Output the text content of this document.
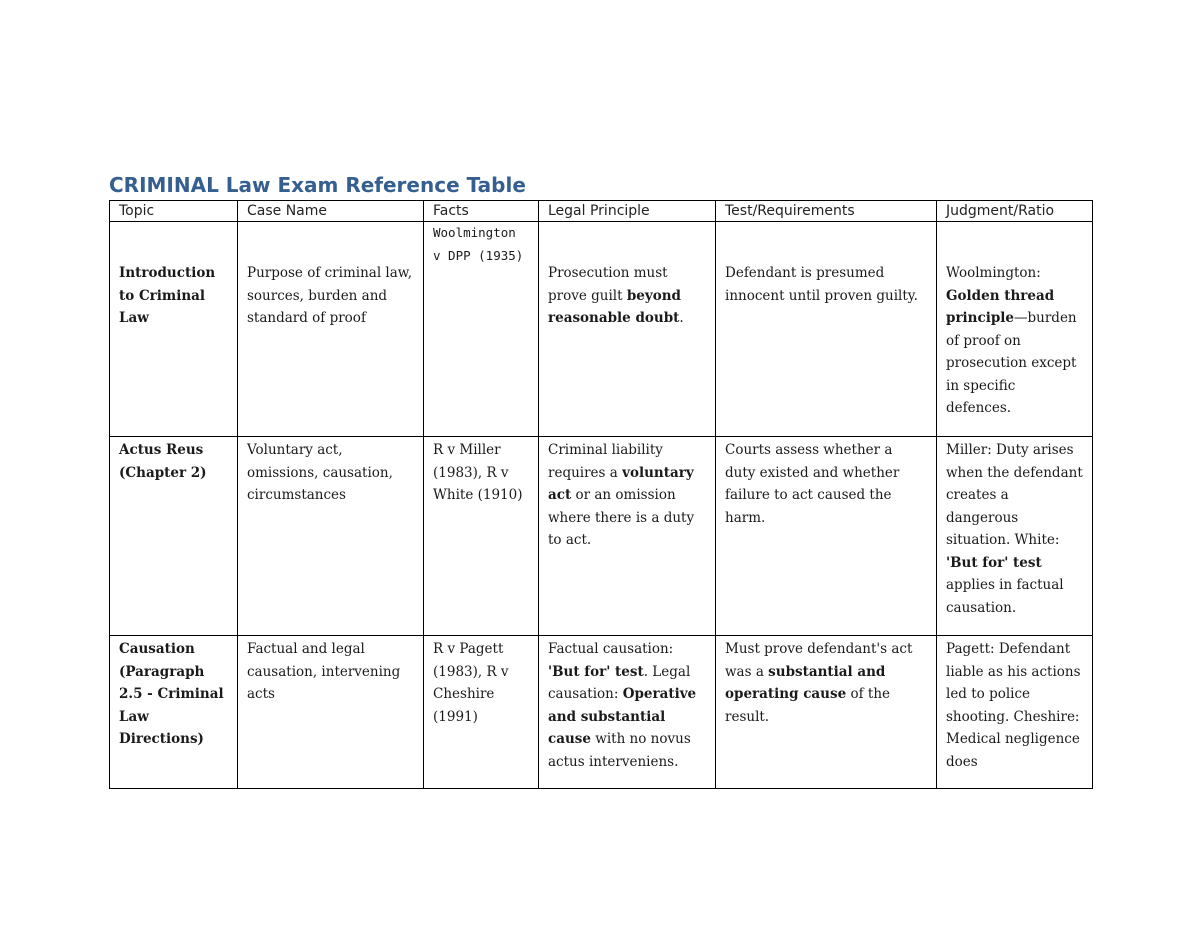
CRIMINAL Law Exam Reference Table
Topic	Case Name	Facts	Legal Principle	Test/Requirements	Judgment/Ratio

Introduction to Criminal Law	Purpose of criminal law, sources, burden and standard of proof	Woolmington v DPP (1935)	Prosecution must prove guilt beyond reasonable doubt.	Defendant is presumed innocent until proven guilty.	Woolmington: Golden thread principle—burden of proof on prosecution except in specific defences.

Actus Reus (Chapter 2)	Voluntary act, omissions, causation, circumstances	R v Miller (1983), R v White (1910)	Criminal liability requires a voluntary act or an omission where there is a duty to act.	Courts assess whether a duty existed and whether failure to act caused the harm.	Miller: Duty arises when the defendant creates a dangerous situation. White: 'But for' test applies in factual causation.
Causation (Paragraph 2.5 - Criminal Law Directions)	Factual and legal causation, intervening acts	R v Pagett (1983), R v Cheshire (1991)	Factual causation: 'But for' test. Legal causation: Operative and substantial cause with no novus actus interveniens.	Must prove defendant's act was a substantial and operating cause of the result.	Pagett: Defendant liable as his actions led to police shooting. Cheshire: Medical negligence does
